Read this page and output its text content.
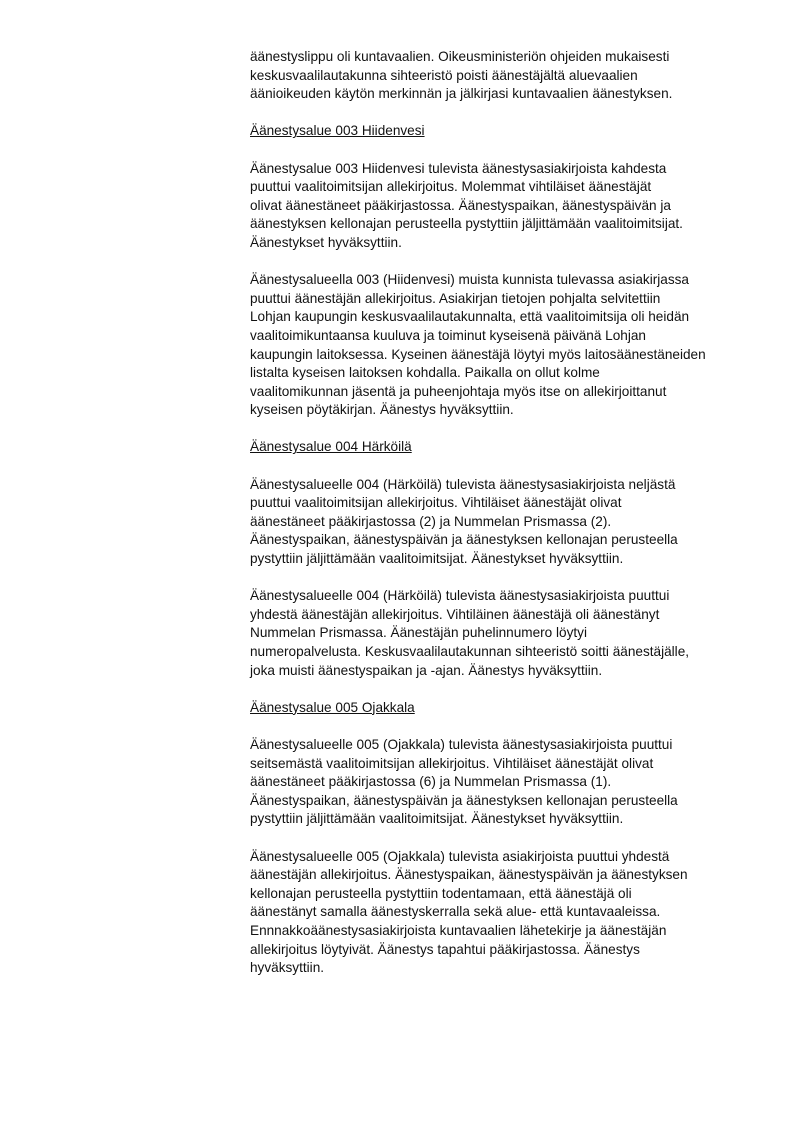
äänestyslippu oli kuntavaalien. Oikeusministeriön ohjeiden mukaisesti
keskusvaalilautakunna sihteeristö poisti äänestäjältä aluevaalien
äänioikeuden käytön merkinnän ja jälkirjasi kuntavaalien äänestyksen.

Äänestysalue 003 Hiidenvesi

Äänestysalue 003 Hiidenvesi tulevista äänestysasiakirjoista kahdesta
puuttui vaalitoimitsijan allekirjoitus. Molemmat vihtiläiset äänestäjät
olivat äänestäneet pääkirjastossa. Äänestyspaikan, äänestyspäivän ja
äänestyksen kellonajan perusteella pystyttiin jäljittämään vaalitoimitsijat.
Äänestykset hyväksyttiin.

Äänestysalueella 003 (Hiidenvesi) muista kunnista tulevassa asiakirjassa
puuttui äänestäjän allekirjoitus. Asiakirjan tietojen pohjalta selvitettiin
Lohjan kaupungin keskusvaalilautakunnalta, että vaalitoimitsija oli heidän
vaalitoimikuntaansa kuuluva ja toiminut kyseisenä päivänä Lohjan
kaupungin laitoksessa. Kyseinen äänestäjä löytyi myös laitosäänestäneiden
listalta kyseisen laitoksen kohdalla. Paikalla on ollut kolme
vaalitomikunnan jäsentä ja puheenjohtaja myös itse on allekirjoittanut
kyseisen pöytäkirjan. Äänestys hyväksyttiin.

Äänestysalue 004 Härköilä

Äänestysalueelle 004 (Härköilä) tulevista äänestysasiakirjoista neljästä
puuttui vaalitoimitsijan allekirjoitus. Vihtiläiset äänestäjät olivat
äänestäneet pääkirjastossa (2) ja Nummelan Prismassa (2).
Äänestyspaikan, äänestyspäivän ja äänestyksen kellonajan perusteella
pystyttiin jäljittämään vaalitoimitsijat. Äänestykset hyväksyttiin.

Äänestysalueelle 004 (Härköilä) tulevista äänestysasiakirjoista puuttui
yhdestä äänestäjän allekirjoitus. Vihtiläinen äänestäjä oli äänestänyt
Nummelan Prismassa. Äänestäjän puhelinnumero löytyi
numeropalvelusta. Keskusvaalilautakunnan sihteeristö soitti äänestäjälle,
joka muisti äänestyspaikan ja -ajan. Äänestys hyväksyttiin.

Äänestysalue 005 Ojakkala

Äänestysalueelle 005 (Ojakkala) tulevista äänestysasiakirjoista puuttui
seitsemästä vaalitoimitsijan allekirjoitus. Vihtiläiset äänestäjät olivat
äänestäneet pääkirjastossa (6) ja Nummelan Prismassa (1).
Äänestyspaikan, äänestyspäivän ja äänestyksen kellonajan perusteella
pystyttiin jäljittämään vaalitoimitsijat. Äänestykset hyväksyttiin.

Äänestysalueelle 005 (Ojakkala) tulevista asiakirjoista puuttui yhdestä
äänestäjän allekirjoitus. Äänestyspaikan, äänestyspäivän ja äänestyksen
kellonajan perusteella pystyttiin todentamaan, että äänestäjä oli
äänestänyt samalla äänestyskerralla sekä alue- että kuntavaaleissa.
Ennnakkoäänestysasiakirjoista kuntavaalien lähetekirje ja äänestäjän
allekirjoitus löytyivät. Äänestys tapahtui pääkirjastossa. Äänestys
hyväksyttiin.
